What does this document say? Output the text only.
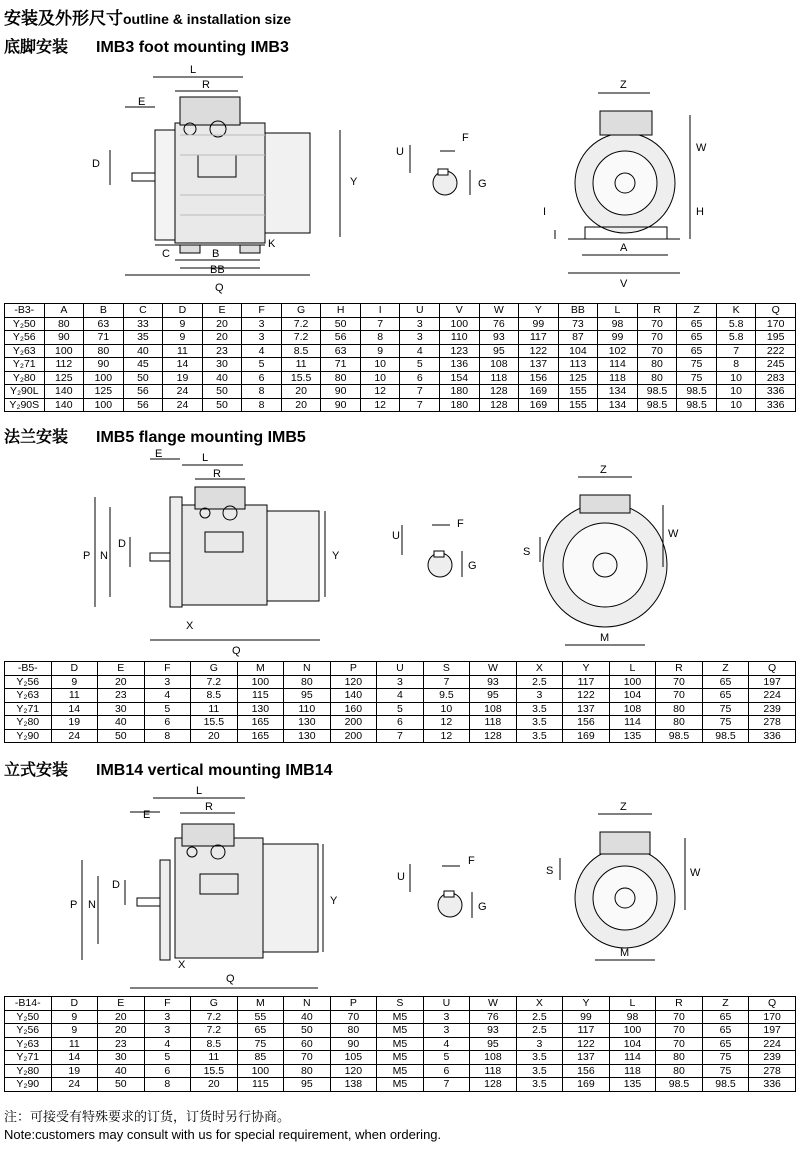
安装及外形尺寸outline & installation size
底脚安装 IMB3 foot mounting IMB3
L
R
E
D
Y
C	B
K
BB
Q
U
F
G
Z
W
H
I
A
V
-B3-	A	B	C	D	E	F	G	H	I	U	V	W	Y	BB	L	R	Z	K	Q
Y₂50	80	63	33	9	20	3	7.2	50	7	3	100	76	99	73	98	70	65	5.8	170
Y₂56	90	71	35	9	20	3	7.2	56	8	3	110	93	117	87	99	70	65	5.8	195
Y₂63	100	80	40	11	23	4	8.5	63	9	4	123	95	122	104	102	70	65	7	222
Y₂71	112	90	45	14	30	5	11	71	10	5	136	108	137	113	114	80	75	8	245
Y₂80	125	100	50	19	40	6	15.5	80	10	6	154	118	156	125	118	80	75	10	283
Y₂90L	140	125	56	24	50	8	20	90	12	7	180	128	169	155	134	98.5	98.5	10	336
Y₂90S	140	100	56	24	50	8	20	90	12	7	180	128	169	155	134	98.5	98.5	10	336
法兰安装 IMB5 flange mounting IMB5
E	L
R
P N
D
Y
X
Q
U
F
G
Z
W
S
M
-B5-	D	E	F	G	M	N	P	U	S	W	X	Y	L	R	Z	Q
Y₂56	9	20	3	7.2	100	80	120	3	7	93	2.5	117	100	70	65	197
Y₂63	11	23	4	8.5	115	95	140	4	9.5	95	3	122	104	70	65	224
Y₂71	14	30	5	11	130	110	160	5	10	108	3.5	137	108	80	75	239
Y₂80	19	40	6	15.5	165	130	200	6	12	118	3.5	156	114	80	75	278
Y₂90	24	50	8	20	165	130	200	7	12	128	3.5	169	135	98.5	98.5	336
立式安装 IMB14 vertical mounting IMB14
E
L
R
P N
D
Y
X
Q
U
F
G
Z
W
S
M
-B14-	D	E	F	G	M	N	P	S	U	W	X	Y	L	R	Z	Q
Y₂50	9	20	3	7.2	55	40	70	M5	3	76	2.5	99	98	70	65	170
Y₂56	9	20	3	7.2	65	50	80	M5	3	93	2.5	117	100	70	65	197
Y₂63	11	23	4	8.5	75	60	90	M5	4	95	3	122	104	70	65	224
Y₂71	14	30	5	11	85	70	105	M5	5	108	3.5	137	114	80	75	239
Y₂80	19	40	6	15.5	100	80	120	M5	6	118	3.5	156	118	80	75	278
Y₂90	24	50	8	20	115	95	138	M5	7	128	3.5	169	135	98.5	98.5	336
注：可接受有特殊要求的订货，订货时另行协商。
Note:customers may consult with us for special requirement, when ordering.
